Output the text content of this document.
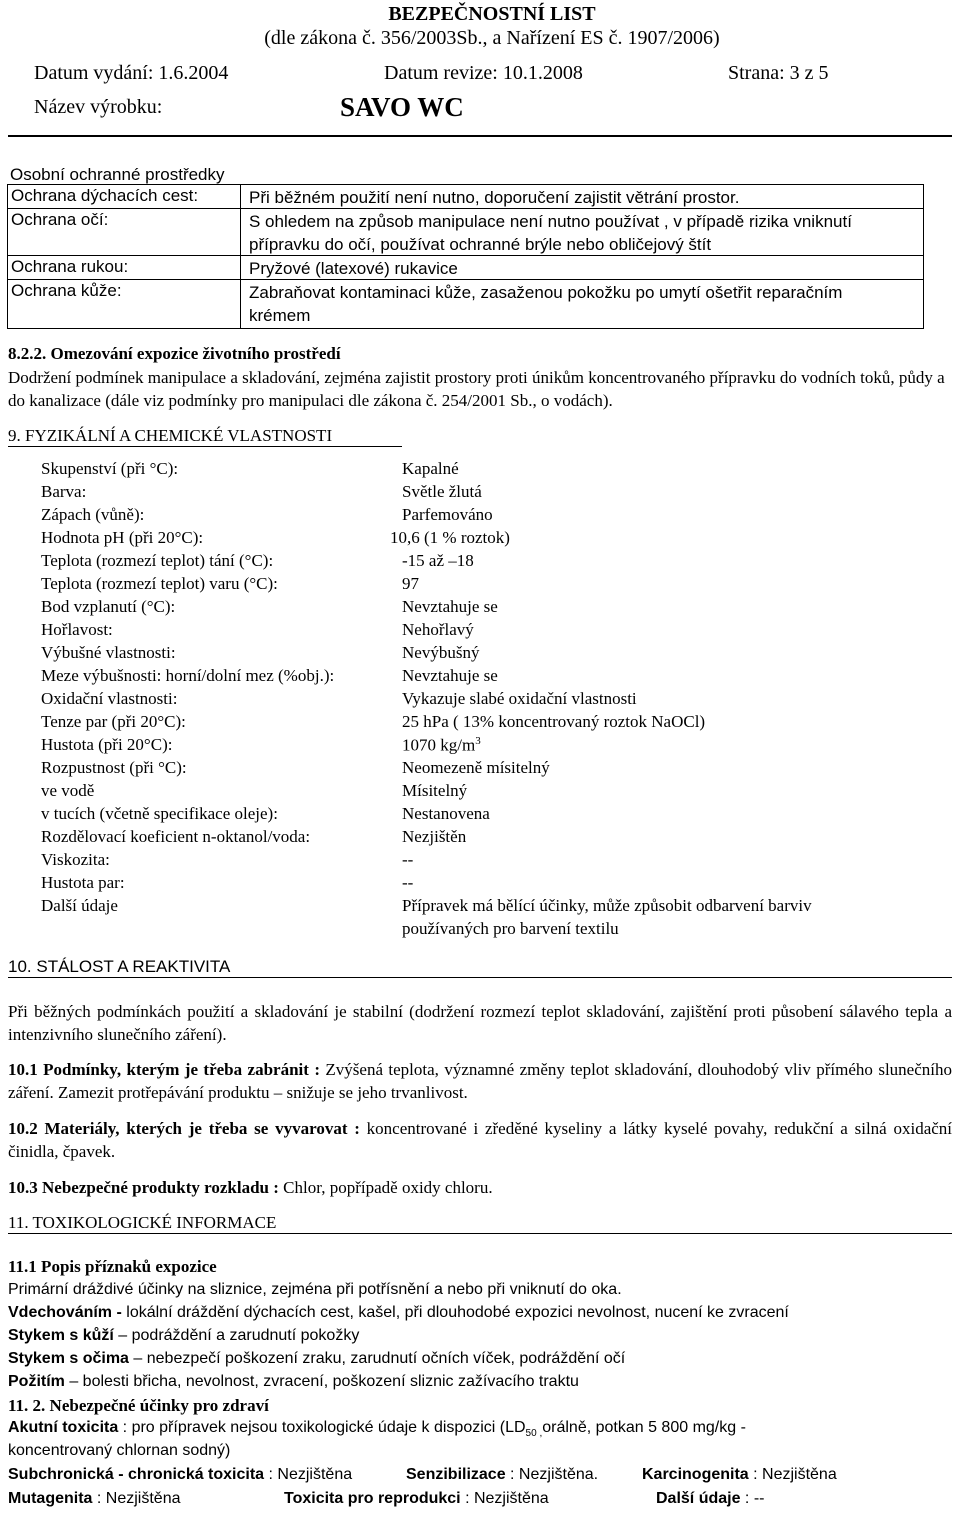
BEZPEČNOSTNÍ LIST
(dle zákona č. 356/2003Sb., a Nařízení ES č. 1907/2006)
Datum vydání: 1.6.2004	Datum revize: 10.1.2008	Strana: 3 z 5
Název výrobku:	SAVO WC
Osobní ochranné prostředky
Ochrana dýchacích cest:	Při běžném použití není nutno, doporučení zajistit větrání prostor.
Ochrana očí:	S ohledem na způsob manipulace není nutno používat , v případě rizika vniknutí přípravku do očí, používat ochranné brýle nebo obličejový štít
Ochrana rukou:	Pryžové (latexové) rukavice
Ochrana kůže:	Zabraňovat kontaminaci kůže, zasaženou pokožku po umytí ošetřit reparačním krémem
8.2.2. Omezování expozice životního prostředí
Dodržení podmínek manipulace a skladování, zejména zajistit prostory proti únikům koncentrovaného přípravku do vodních toků, půdy a do kanalizace (dále viz podmínky pro manipulaci dle zákona č. 254/2001 Sb., o vodách).
9. FYZIKÁLNÍ A CHEMICKÉ VLASTNOSTI
Skupenství (při °C):	Kapalné
Barva:	Světle žlutá
Zápach (vůně):	Parfemováno
Hodnota pH (při 20°C):	10,6 (1 % roztok)
Teplota (rozmezí teplot) tání (°C):	-15 až –18
Teplota (rozmezí teplot) varu (°C):	97
Bod vzplanutí (°C):	Nevztahuje se
Hořlavost:	Nehořlavý
Výbušné vlastnosti:	Nevýbušný
Meze výbušnosti: horní/dolní mez (%obj.):	Nevztahuje se
Oxidační vlastnosti:	Vykazuje slabé oxidační vlastnosti
Tenze par (při 20°C):	25 hPa ( 13% koncentrovaný roztok NaOCl)
Hustota (při 20°C):	1070 $kg/m^3$
Rozpustnost (při °C):	Neomezeně mísitelný
ve vodě	Mísitelný
v tucích (včetně specifikace oleje):	Nestanovena
Rozdělovací koeficient n-oktanol/voda:	Nezjištěn
Viskozita:	--
Hustota par:	--
Další údaje	Přípravek má bělící účinky, může způsobit odbarvení barviv
používaných pro barvení textilu
10. STÁLOST A REAKTIVITA
Při běžných podmínkách použití a skladování je stabilní (dodržení rozmezí teplot skladování, zajištění proti působení sálavého tepla a intenzivního slunečního záření).
10.1 Podmínky, kterým je třeba zabránit : Zvýšená teplota, významné změny teplot skladování, dlouhodobý vliv přímého slunečního záření. Zamezit protřepávání produktu – snižuje se jeho trvanlivost.
10.2 Materiály, kterých je třeba se vyvarovat : koncentrované i zředěné kyseliny a látky kyselé povahy, redukční a silná oxidační činidla, čpavek.
10.3 Nebezpečné produkty rozkladu : Chlor, popřípadě oxidy chloru.
11. TOXIKOLOGICKÉ INFORMACE
11.1 Popis příznaků expozice
Primární dráždivé účinky na sliznice, zejména při potřísnění a nebo při vniknutí do oka.
Vdechováním - lokální dráždění dýchacích cest, kašel, při dlouhodobé expozici nevolnost, nucení ke zvracení
Stykem s kůží – podráždění a zarudnutí pokožky
Stykem s očima – nebezpečí poškození zraku, zarudnutí očních víček, podráždění očí
Požitím – bolesti břicha, nevolnost, zvracení, poškození sliznic zažívacího traktu
11. 2. Nebezpečné účinky pro zdraví
Akutní toxicita : pro přípravek nejsou toxikologické údaje k dispozici ($LD_{50 ,}orá\ln ě$, potkan 5 800 mg/kg -
koncentrovaný chlornan sodný)
Subchronická - chronická toxicita : Nezjištěna	Senzibilizace : Nezjištěna.	Karcinogenita : Nezjištěna
Mutagenita : Nezjištěna	Toxicita pro reprodukci : Nezjištěna	Další údaje : --
